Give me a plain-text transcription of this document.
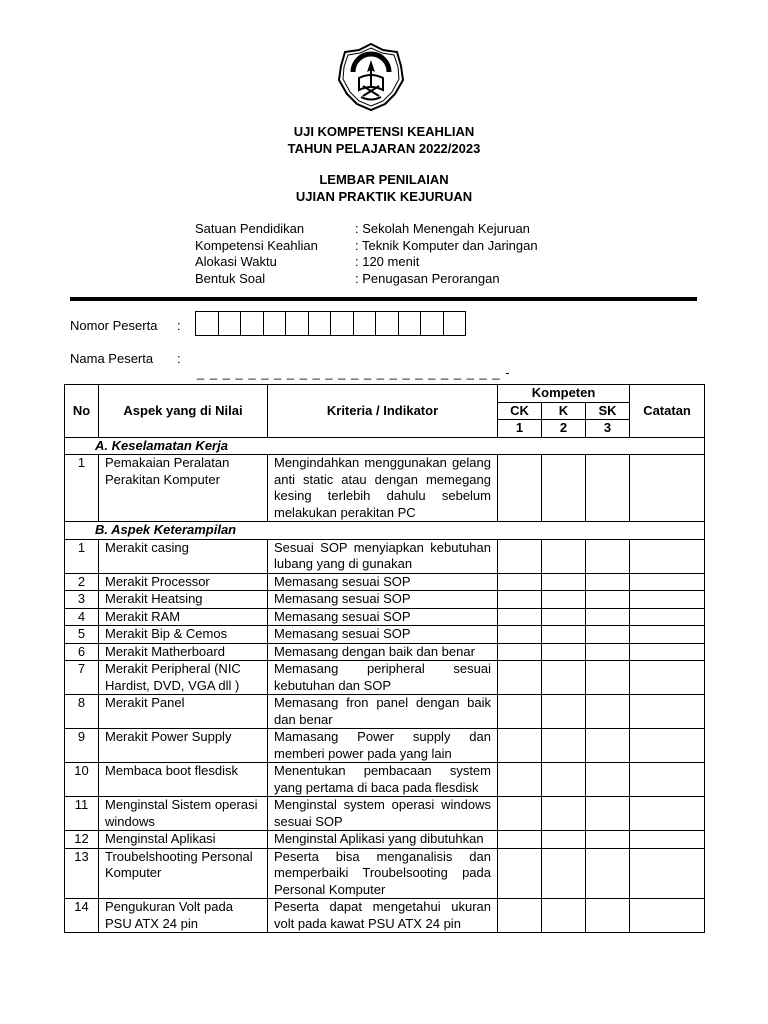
UJI KOMPETENSI KEAHLIAN
TAHUN PELAJARAN 2022/2023
LEMBAR PENILAIAN
UJIAN PRAKTIK KEJURUAN
Satuan Pendidikan	: Sekolah Menengah Kejuruan
Kompetensi Keahlian	: Teknik Komputer dan Jaringan
Alokasi Waktu	: 120 menit
Bentuk Soal	: Penugasan Perorangan
Nomor Peserta :
Nama Peserta :
_ _ _ _ _ _ _ _ _ _ _ _ _ _ _ _ _ _ _ _ _ _ _ _ -
No	Aspek yang di Nilai	Kriteria / Indikator	Kompeten			Catatan
			CK	K	SK	
			1	2	3	
A. Keselamatan Kerja						
1	Pemakaian Peralatan Perakitan Komputer	Mengindahkan menggunakan gelang anti static atau dengan memegang kesing terlebih dahulu sebelum melakukan perakitan PC				
B. Aspek Keterampilan						
1	Merakit casing	Sesuai SOP menyiapkan kebutuhan lubang yang di gunakan				
2	Merakit Processor	Memasang sesuai SOP				
3	Merakit Heatsing	Memasang sesuai SOP				
4	Merakit RAM	Memasang sesuai SOP				
5	Merakit Bip & Cemos	Memasang sesuai SOP				
6	Merakit Matherboard	Memasang dengan baik dan benar				
7	Merakit Peripheral (NIC Hardist, DVD, VGA dll )	Memasang peripheral sesuai kebutuhan dan SOP				
8	Merakit Panel	Memasang fron panel dengan baik dan benar				
9	Merakit Power Supply	Mamasang Power supply dan memberi power pada yang lain				
10	Membaca boot flesdisk	Menentukan pembacaan system yang pertama di baca pada flesdisk				
11	Menginstal Sistem operasi windows	Menginstal system operasi windows sesuai SOP				
12	Menginstal Aplikasi	Menginstal Aplikasi yang dibutuhkan				
13	Troubelshooting Personal Komputer	Peserta bisa menganalisis dan memperbaiki Troubelsooting pada Personal Komputer				
14	Pengukuran Volt pada PSU ATX 24 pin	Peserta dapat mengetahui ukuran volt pada kawat PSU ATX 24 pin				
